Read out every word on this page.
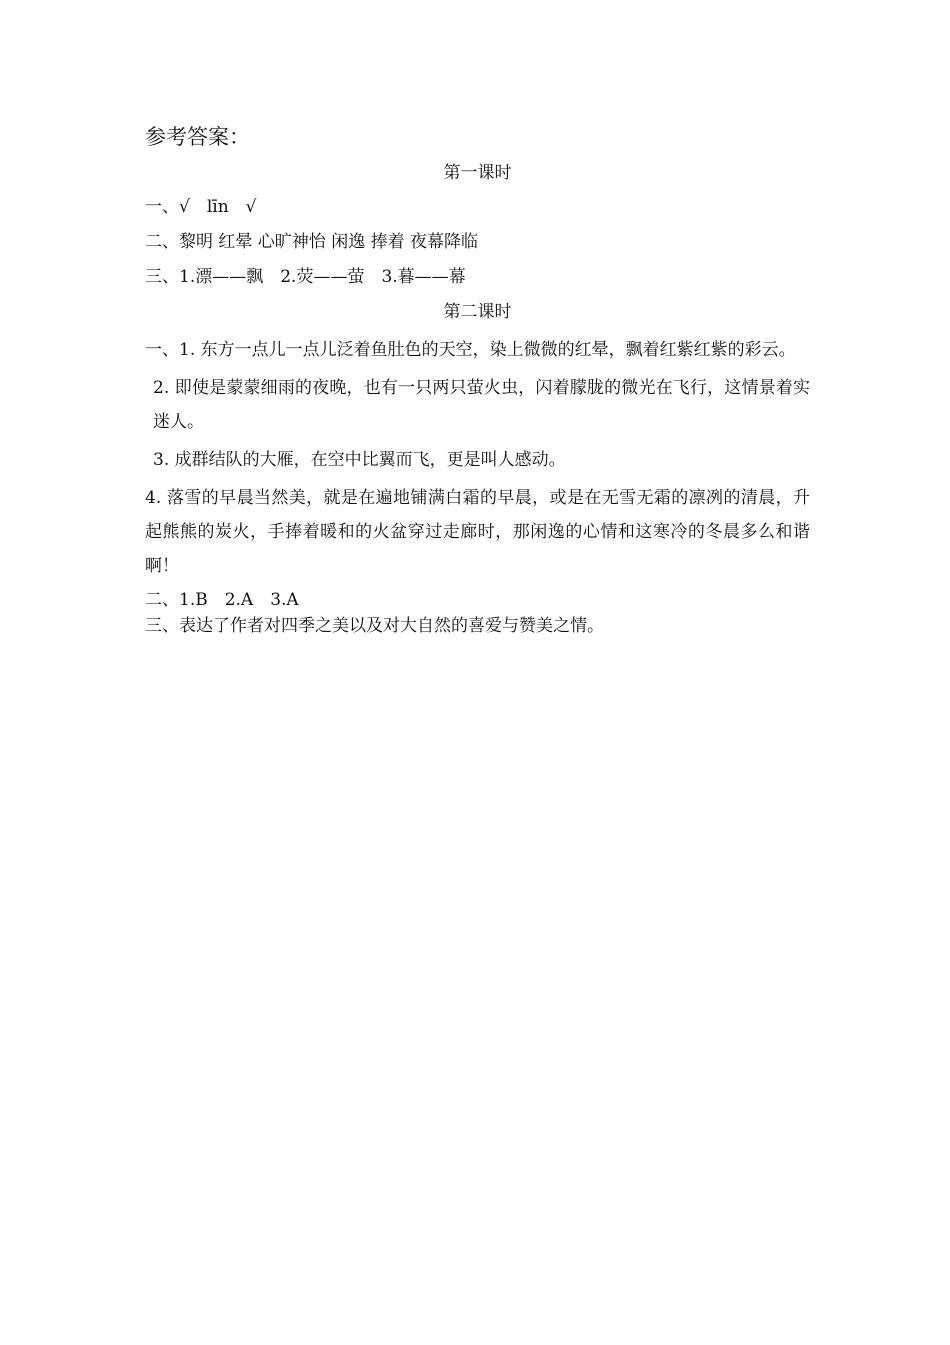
参考答案：
第一课时

一、√　līn　√

二、黎明 红晕 心旷神怡 闲逸 捧着 夜幕降临

三、1.漂——飘　2.荧——萤　3.暮——幕

第二课时

一、1. 东方一点儿一点儿泛着鱼肚色的天空，染上微微的红晕，飘着红紫红紫的彩云。

2. 即使是蒙蒙细雨的夜晚，也有一只两只萤火虫，闪着朦胧的微光在飞行，这情景着实迷人。

3. 成群结队的大雁，在空中比翼而飞，更是叫人感动。

4. 落雪的早晨当然美，就是在遍地铺满白霜的早晨，或是在无雪无霜的凛冽的清晨，升起熊熊的炭火，手捧着暖和的火盆穿过走廊时，那闲逸的心情和这寒冷的冬晨多么和谐啊！

二、1.B　2.A　3.A

三、表达了作者对四季之美以及对大自然的喜爱与赞美之情。
